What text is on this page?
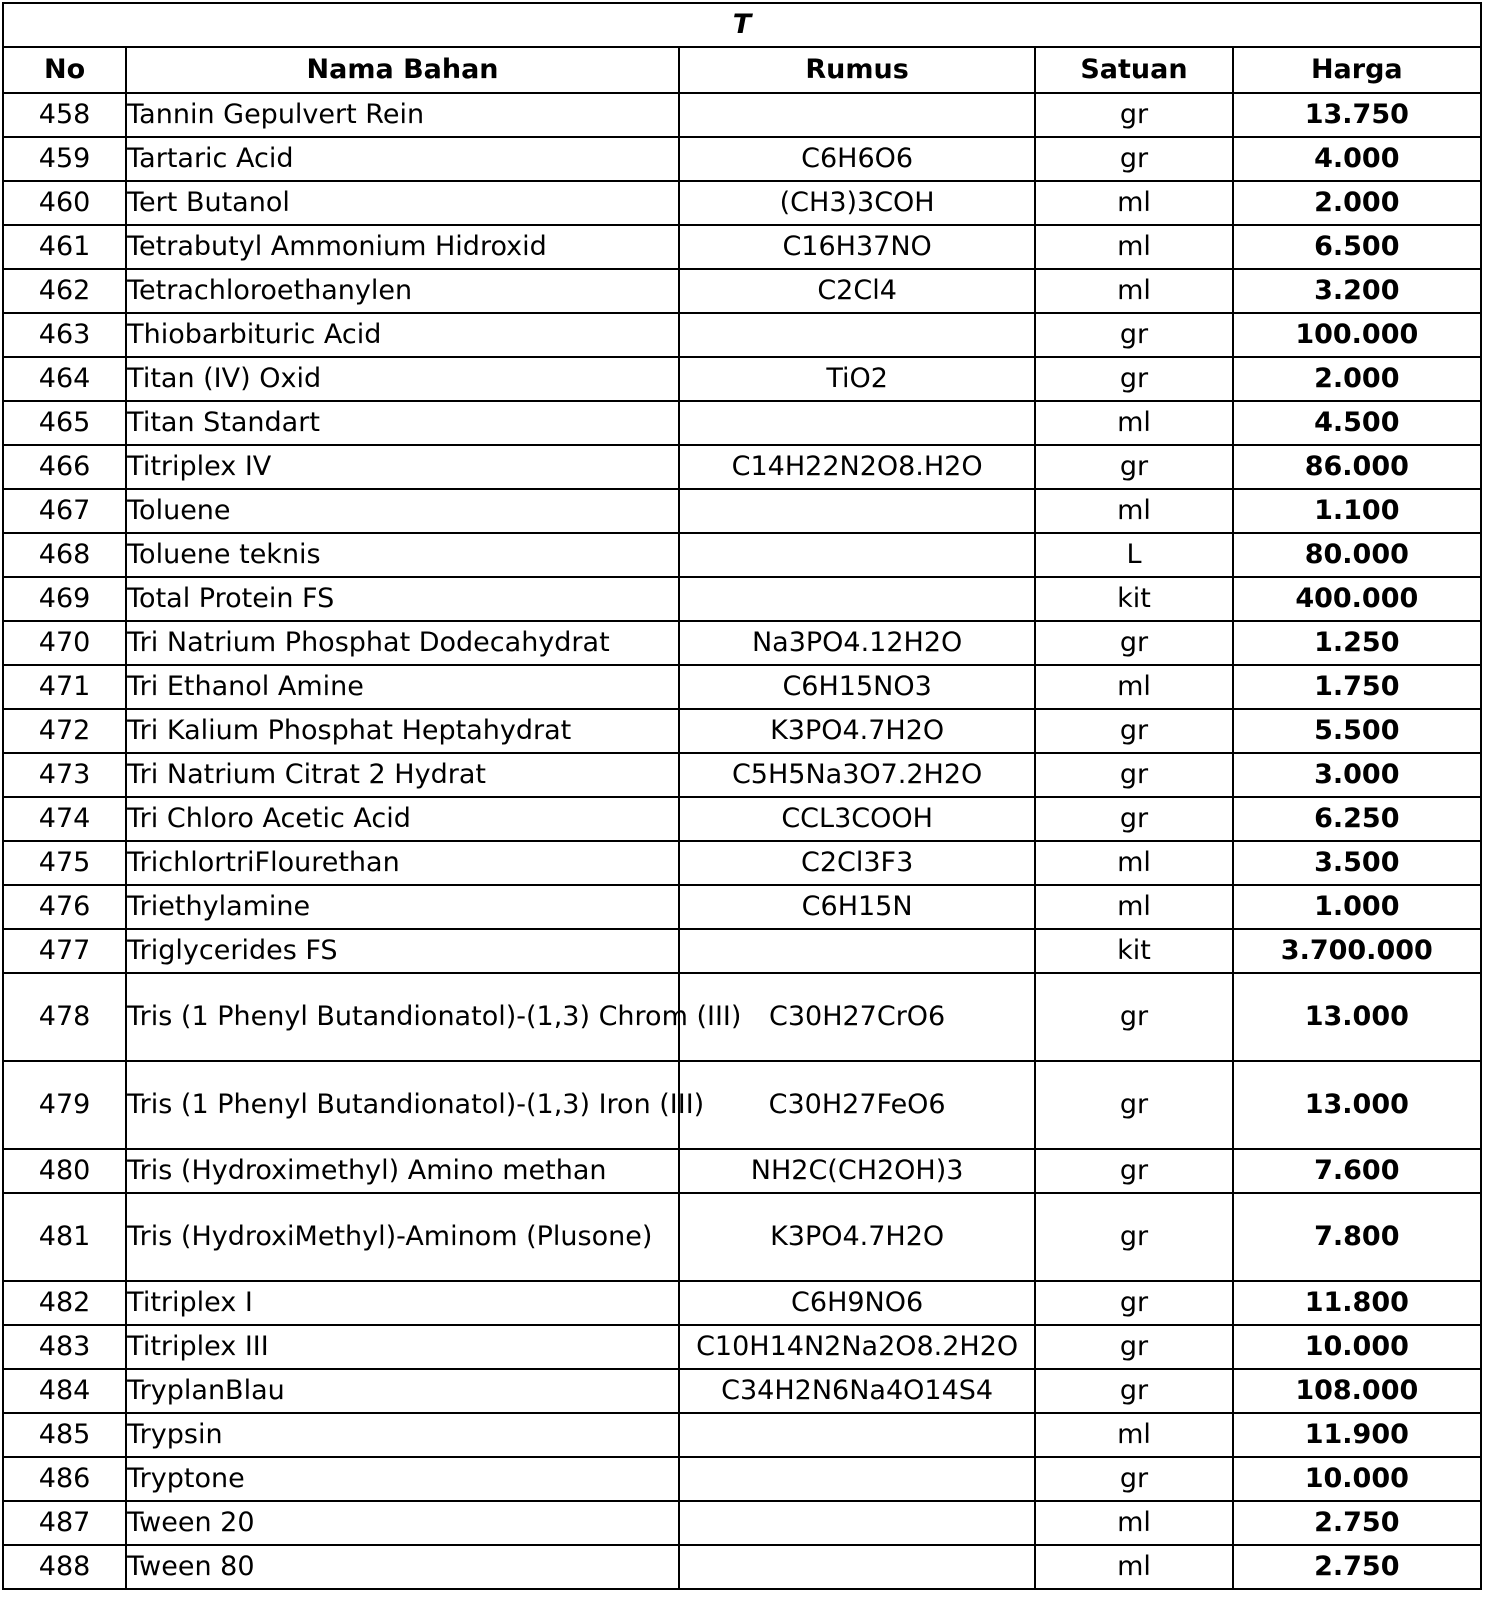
T				
No	Nama Bahan	Rumus	Satuan	Harga
458	Tannin Gepulvert Rein		gr	13.750
459	Tartaric Acid	C6H6O6	gr	4.000
460	Tert Butanol	(CH3)3COH	ml	2.000
461	Tetrabutyl Ammonium Hidroxid	C16H37NO	ml	6.500
462	Tetrachloroethanylen	C2Cl4	ml	3.200
463	Thiobarbituric Acid		gr	100.000
464	Titan (IV) Oxid	TiO2	gr	2.000
465	Titan Standart		ml	4.500
466	Titriplex IV	C14H22N2O8.H2O	gr	86.000
467	Toluene		ml	1.100
468	Toluene teknis		L	80.000
469	Total Protein FS		kit	400.000
470	Tri Natrium Phosphat Dodecahydrat	Na3PO4.12H2O	gr	1.250
471	Tri Ethanol Amine	C6H15NO3	ml	1.750
472	Tri Kalium Phosphat Heptahydrat	K3PO4.7H2O	gr	5.500
473	Tri Natrium Citrat 2 Hydrat	C5H5Na3O7.2H2O	gr	3.000
474	Tri Chloro Acetic Acid	CCL3COOH	gr	6.250
475	TrichlortriFlourethan	C2Cl3F3	ml	3.500
476	Triethylamine	C6H15N	ml	1.000
477	Triglycerides FS		kit	3.700.000
478	Tris (1 Phenyl Butandionatol)-(1,3) Chrom (III)	C30H27CrO6	gr	13.000
479	Tris (1 Phenyl Butandionatol)-(1,3) Iron (III)	C30H27FeO6	gr	13.000
480	Tris (Hydroximethyl) Amino methan	NH2C(CH2OH)3	gr	7.600
481	Tris (HydroxiMethyl)-Aminom (Plusone)	K3PO4.7H2O	gr	7.800
482	Titriplex I	C6H9NO6	gr	11.800
483	Titriplex III	C10H14N2Na2O8.2H2O	gr	10.000
484	TryplanBlau	C34H2N6Na4O14S4	gr	108.000
485	Trypsin		ml	11.900
486	Tryptone		gr	10.000
487	Tween 20		ml	2.750
488	Tween 80		ml	2.750
